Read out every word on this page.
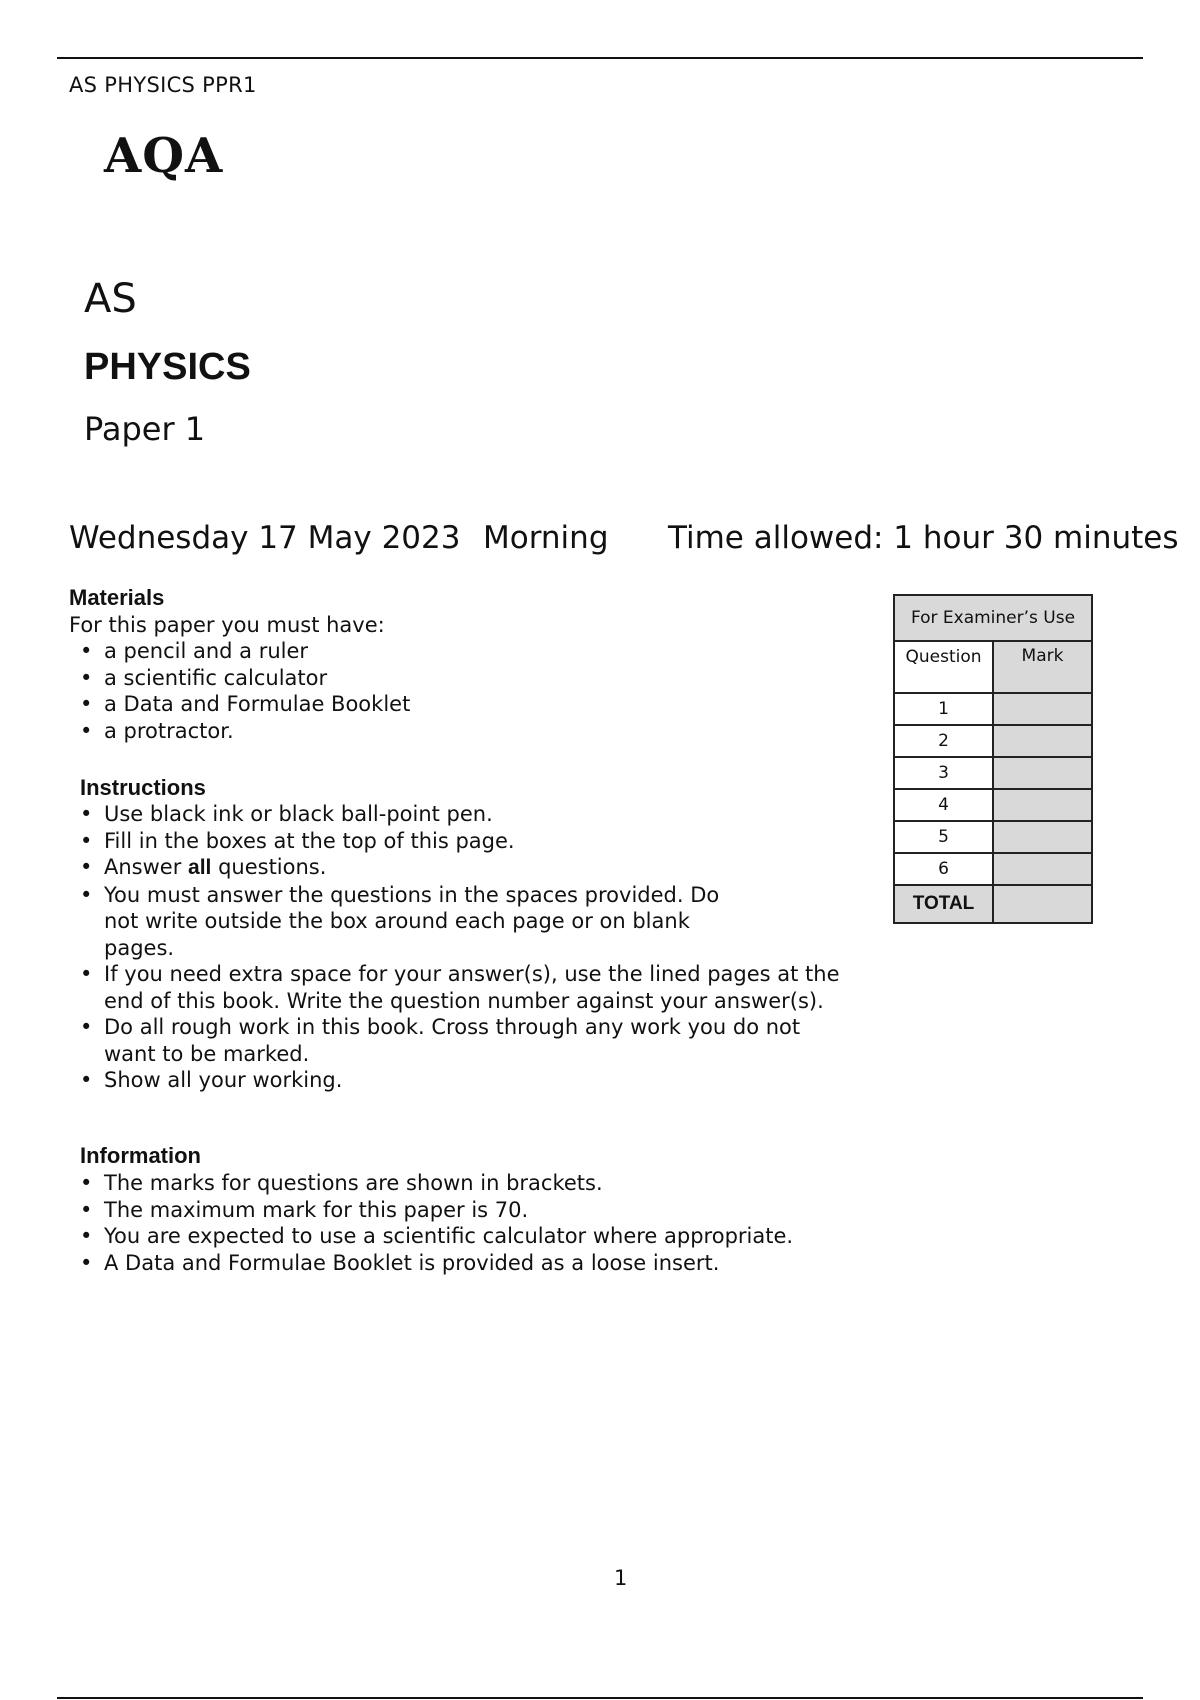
AS PHYSICS PPR1
AQA
AS
PHYSICS
Paper 1
Wednesday 17 May 2023 Morning Time allowed: 1 hour 30 minutes
Materials
For this paper you must have:
• a pencil and a ruler
• a scientific calculator
• a Data and Formulae Booklet
• a protractor.
Instructions
• Use black ink or black ball-point pen.
• Fill in the boxes at the top of this page.
• Answer all questions.
• You must answer the questions in the spaces provided. Do not write outside the box around each page or on blank pages.
• If you need extra space for your answer(s), use the lined pages at the end of this book. Write the question number against your answer(s).
• Do all rough work in this book. Cross through any work you do not want to be marked.
• Show all your working.
Information
• The marks for questions are shown in brackets.
• The maximum mark for this paper is 70.
• You are expected to use a scientific calculator where appropriate.
• A Data and Formulae Booklet is provided as a loose insert.
For Examiner’s Use	

Question	Mark
1	
2	
3	
4	
5	
6	
TOTAL	
1
